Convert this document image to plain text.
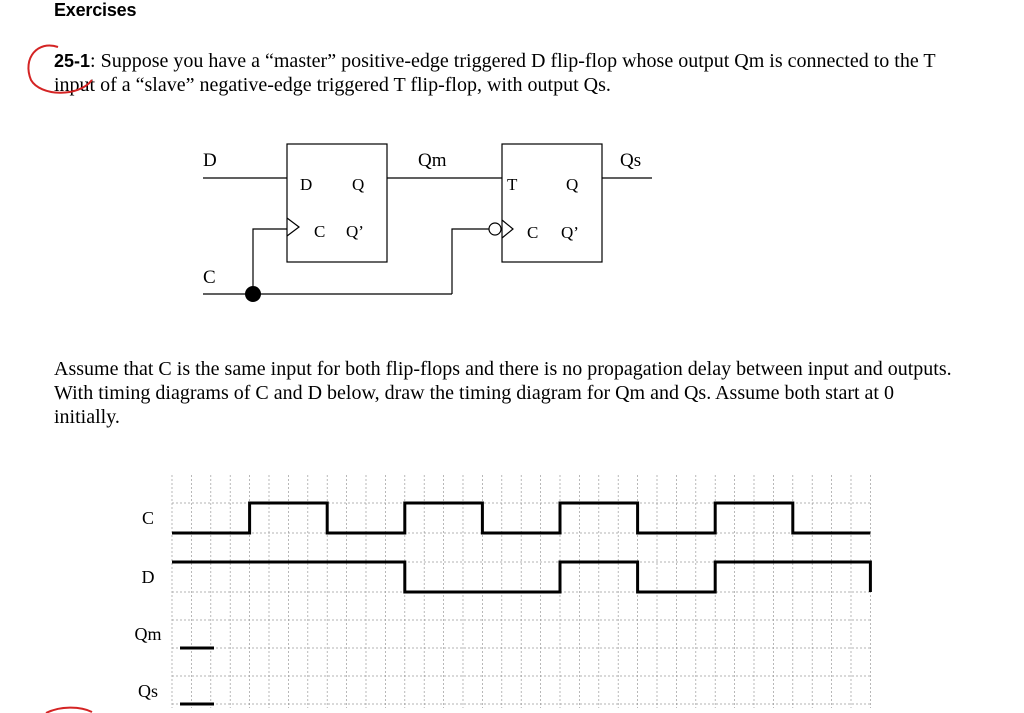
Exercises
25-1: Suppose you have a “master” positive-edge triggered D flip-flop whose output Qm is connected to the T input of a “slave” negative-edge triggered T flip-flop, with output Qs.
D Q
C Q’
T	Q
C Q’
D
C
Qm	Qs
Assume that C is the same input for both flip-flops and there is no propagation delay between input and outputs. With timing diagrams of C and D below, draw the timing diagram for Qm and Qs. Assume both start at 0 initially.
C
D
Qm
Qs
